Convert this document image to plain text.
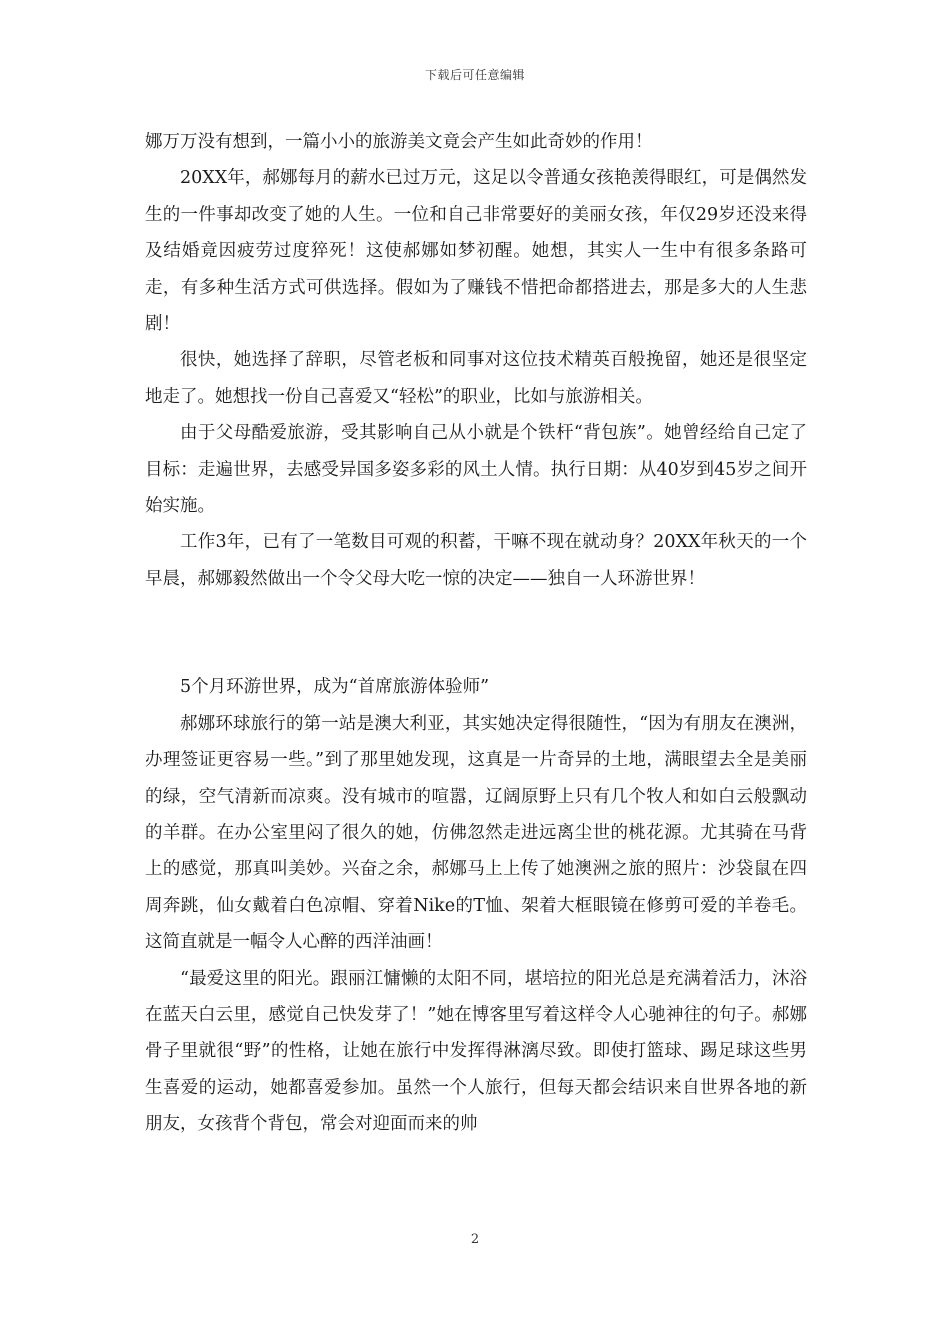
下载后可任意编辑

娜万万没有想到，一篇小小的旅游美文竟会产生如此奇妙的作用！

20XX年，郝娜每月的薪水已过万元，这足以令普通女孩艳羡得眼红，可是偶然发生的一件事却改变了她的人生。一位和自己非常要好的美丽女孩，年仅29岁还没来得及结婚竟因疲劳过度猝死！这使郝娜如梦初醒。她想，其实人一生中有很多条路可走，有多种生活方式可供选择。假如为了赚钱不惜把命都搭进去，那是多大的人生悲剧！

很快，她选择了辞职，尽管老板和同事对这位技术精英百般挽留，她还是很坚定地走了。她想找一份自己喜爱又“轻松”的职业，比如与旅游相关。

由于父母酷爱旅游，受其影响自己从小就是个铁杆“背包族”。她曾经给自己定了目标：走遍世界，去感受异国多姿多彩的风土人情。执行日期：从40岁到45岁之间开始实施。

工作3年，已有了一笔数目可观的积蓄，干嘛不现在就动身？20XX年秋天的一个早晨，郝娜毅然做出一个令父母大吃一惊的决定——独自一人环游世界！

5个月环游世界，成为“首席旅游体验师”

郝娜环球旅行的第一站是澳大利亚，其实她决定得很随性，“因为有朋友在澳洲，办理签证更容易一些。”到了那里她发现，这真是一片奇异的土地，满眼望去全是美丽的绿，空气清新而凉爽。没有城市的喧嚣，辽阔原野上只有几个牧人和如白云般飘动的羊群。在办公室里闷了很久的她，仿佛忽然走进远离尘世的桃花源。尤其骑在马背上的感觉，那真叫美妙。兴奋之余，郝娜马上上传了她澳洲之旅的照片：沙袋鼠在四周奔跳，仙女戴着白色凉帽、穿着Nike的T恤、架着大框眼镜在修剪可爱的羊卷毛。这简直就是一幅令人心醉的西洋油画！

“最爱这里的阳光。跟丽江慵懒的太阳不同，堪培拉的阳光总是充满着活力，沐浴在蓝天白云里，感觉自己快发芽了！”她在博客里写着这样令人心驰神往的句子。郝娜骨子里就很“野”的性格，让她在旅行中发挥得淋漓尽致。即使打篮球、踢足球这些男生喜爱的运动，她都喜爱参加。虽然一个人旅行，但每天都会结识来自世界各地的新朋友，女孩背个背包，常会对迎面而来的帅

2
